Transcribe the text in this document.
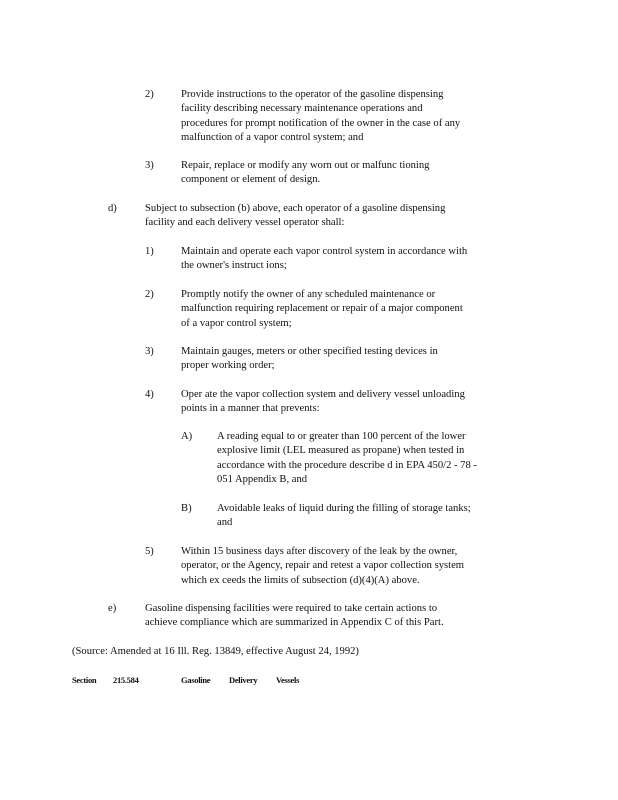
2)	Provide instructions to the operator of the gasoline dispensing
facility describing necessary maintenance operations and
procedures for prompt notification of the owner in the case of any
malfunction of a vapor control system; and
3)	Repair, replace or modify any worn out or malfunc tioning
component or element of design.
d)	Subject to subsection (b) above, each operator of a gasoline dispensing
facility and each delivery vessel operator shall:
1)	Maintain and operate each vapor control system in accordance with
the owner's instruct ions;
2)	Promptly notify the owner of any scheduled maintenance or
malfunction requiring replacement or repair of a major component
of a vapor control system;
3)	Maintain gauges, meters or other specified testing devices in
proper working order;
4)	Oper ate the vapor collection system and delivery vessel unloading
points in a manner that prevents:
A) A reading equal to or greater than 100 percent of the lower
explosive limit (LEL measured as propane) when tested in
accordance with the procedure describe d in EPA 450/2 - 78 -
051 Appendix B, and
B) Avoidable leaks of liquid during the filling of storage tanks;
and
5)	Within 15 business days after discovery of the leak by the owner,
operator, or the Agency, repair and retest a vapor collection system
which ex ceeds the limits of subsection (d)(4)(A) above.
e)	Gasoline dispensing facilities were required to take certain actions to
achieve compliance which are summarized in Appendix C of this Part.
(Source: Amended at 16 Ill. Reg. 13849, effective August 24, 1992)
Section 215.584	Gasoline Delivery Vessels
